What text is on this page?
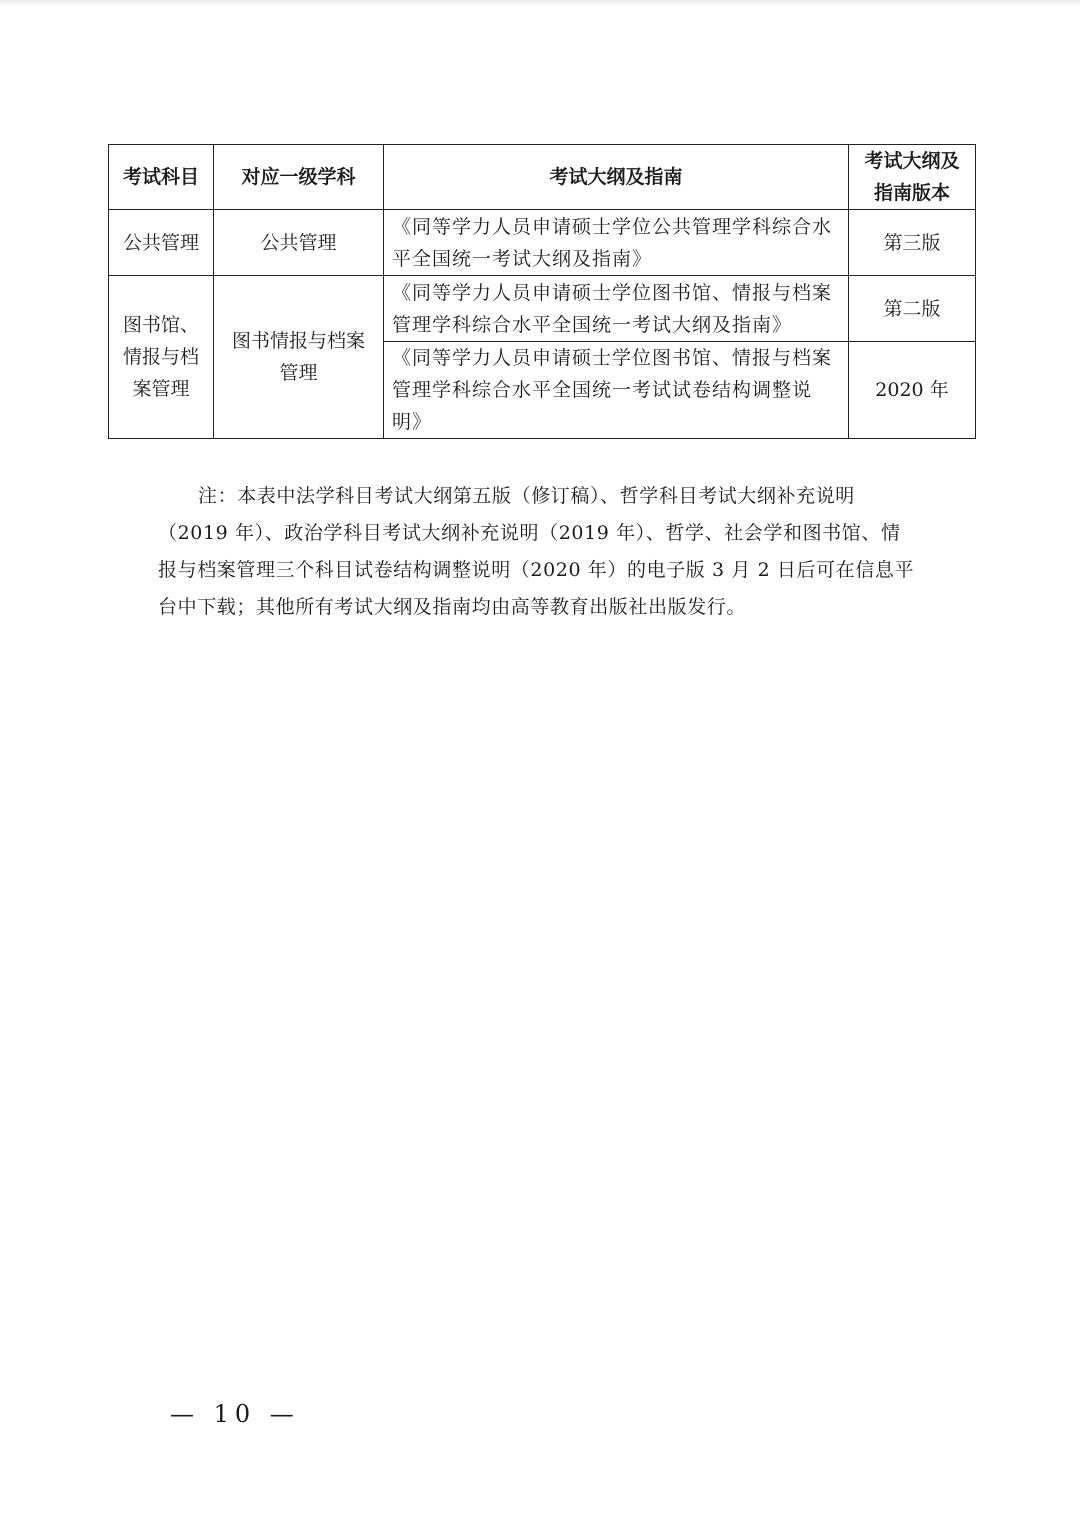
考试科目	对应一级学科	考试大纲及指南	考试大纲及指南版本
公共管理	公共管理	《同等学力人员申请硕士学位公共管理学科综合水平全国统一考试大纲及指南》	第三版
图书馆、情报与档案管理	图书情报与档案管理	《同等学力人员申请硕士学位图书馆、情报与档案管理学科综合水平全国统一考试大纲及指南》	第二版
		《同等学力人员申请硕士学位图书馆、情报与档案管理学科综合水平全国统一考试试卷结构调整说明》	2020 年

注：本表中法学科目考试大纲第五版（修订稿）、哲学科目考试大纲补充说明（2019 年）、政治学科目考试大纲补充说明（2019 年）、哲学、社会学和图书馆、情报与档案管理三个科目试卷结构调整说明（2020 年）的电子版 3 月 2 日后可在信息平台中下载；其他所有考试大纲及指南均由高等教育出版社出版发行。

— 10 —
